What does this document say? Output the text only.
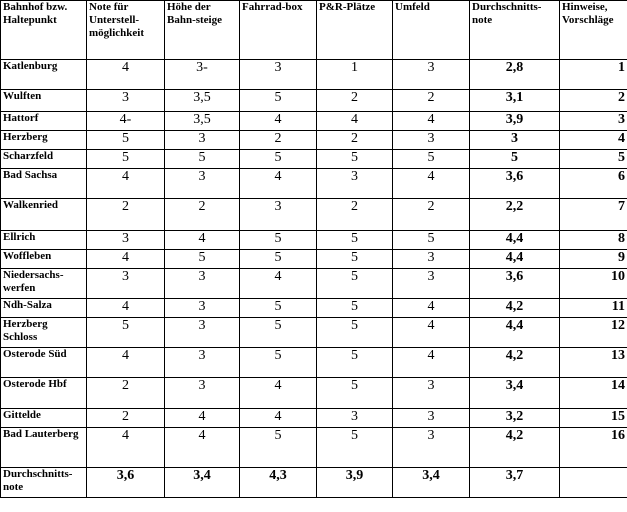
Bahnhof bzw. Haltepunkt	Note für Unterstell-möglichkeit	Höhe der Bahn-steige	Fahrrad-box	P&R-Plätze	Umfeld	Durchschnitts-note	Hinweise, Vorschläge
Katlenburg	4	3-	3	1	3	2,8	1
Wulften	3	3,5	5	2	2	3,1	2
Hattorf	4-	3,5	4	4	4	3,9	3
Herzberg	5	3	2	2	3	3	4
Scharzfeld	5	5	5	5	5	5	5
Bad Sachsa	4	3	4	3	4	3,6	6
Walkenried	2	2	3	2	2	2,2	7
Ellrich	3	4	5	5	5	4,4	8
Woffleben	4	5	5	5	3	4,4	9
Niedersachs-werfen	3	3	4	5	3	3,6	10
Ndh-Salza	4	3	5	5	4	4,2	11
Herzberg Schloss	5	3	5	5	4	4,4	12
Osterode Süd	4	3	5	5	4	4,2	13
Osterode Hbf	2	3	4	5	3	3,4	14
Gittelde	2	4	4	3	3	3,2	15
Bad Lauterberg	4	4	5	5	3	4,2	16
Durchschnitts-note	3,6	3,4	4,3	3,9	3,4	3,7	
